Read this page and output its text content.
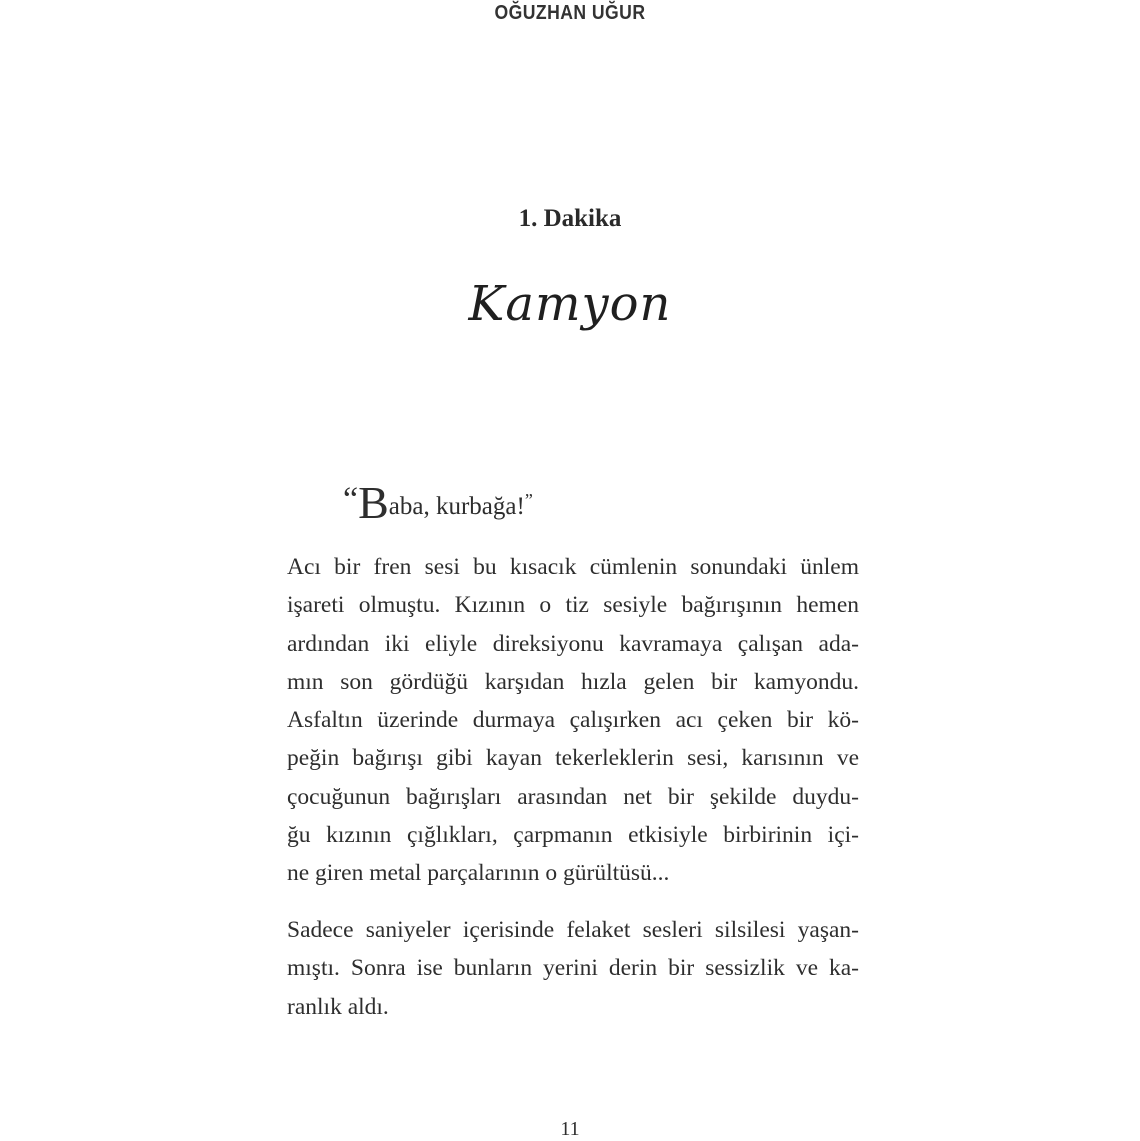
OĞUZHAN UĞUR
1. Dakika
Kamyon
“Baba, kurbağa!”
Acı bir fren sesi bu kısacık cümlenin sonundaki ünlem
işareti olmuştu. Kızının o tiz sesiyle bağırışının hemen
ardından iki eliyle direksiyonu kavramaya çalışan ada-
mın son gördüğü karşıdan hızla gelen bir kamyondu.
Asfaltın üzerinde durmaya çalışırken acı çeken bir kö-
peğin bağırışı gibi kayan tekerleklerin sesi, karısının ve
çocuğunun bağırışları arasından net bir şekilde duydu-
ğu kızının çığlıkları, çarpmanın etkisiyle birbirinin içi-
ne giren metal parçalarının o gürültüsü...
Sadece saniyeler içerisinde felaket sesleri silsilesi yaşan-
mıştı. Sonra ise bunların yerini derin bir sessizlik ve ka-
ranlık aldı.
11
